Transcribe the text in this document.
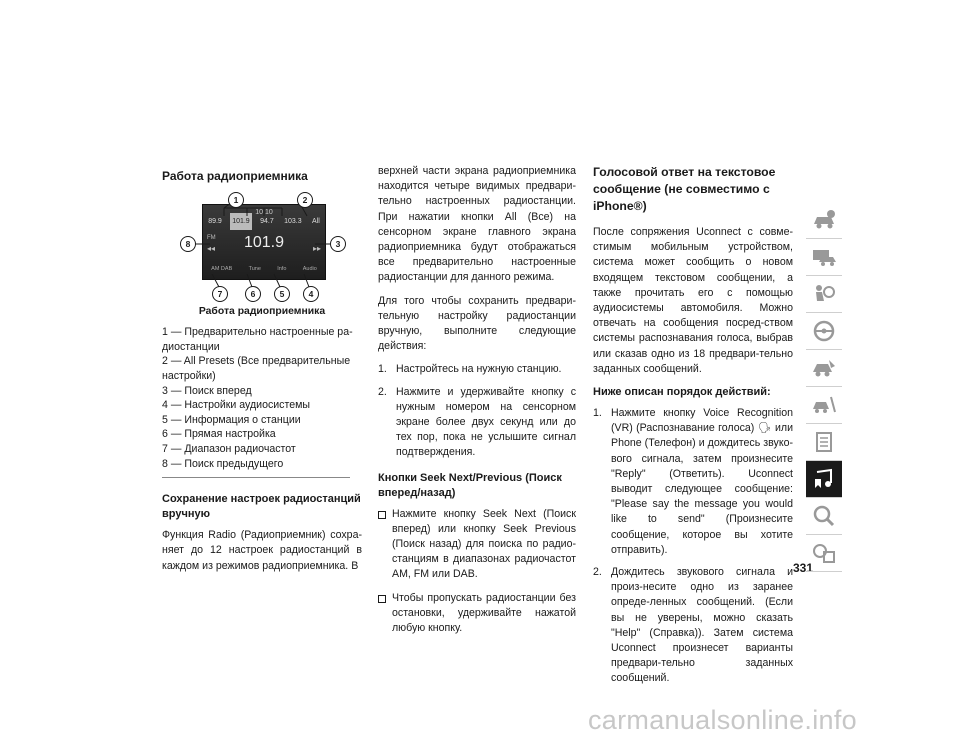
Работа радиоприемника
10 10
89.9 101.9 94.7 103.3 All
FM
◂◂	101.9	▸▸
AM DAB	Tune	Info	Audio
1	2
3
4
5
6
7
8
Работа радиоприемника
1 — Предварительно настроенные ра-диостанции
2 — All Presets (Все предварительные настройки)
3 — Поиск вперед
4 — Настройки аудиосистемы
5 — Информация о станции
6 — Прямая настройка
7 — Диапазон радиочастот
8 — Поиск предыдущего
Сохранение настроек радиостанций вручную

Функция Radio (Радиоприемник) сохра-няет до 12 настроек радиостанций в каждом из режимов радиоприемника. В

верхней части экрана радиоприемника находится четыре видимых предвари-тельно настроенных радиостанции. При нажатии кнопки All (Все) на сенсорном экране главного экрана радиоприемника будут отображаться все предварительно настроенные радиостанции для данного режима.

Для того чтобы сохранить предвари-тельную настройку радиостанции вручную, выполните следующие действия:

1. Настройтесь на нужную станцию.
2. Нажмите и удерживайте кнопку с нужным номером на сенсорном экране более двух секунд или до тех пор, пока не услышите сигнал подтверждения.
Кнопки Seek Next/Previous (Поиск вперед/назад)
Нажмите кнопку Seek Next (Поиск вперед) или кнопку Seek Previous (Поиск назад) для поиска по радио-станциям в диапазонах радиочастот AM, FM или DAB.
Чтобы пропускать радиостанции без остановки, удерживайте нажатой любую кнопку.
Голосовой ответ на текстовое сообщение (не совместимо с iPhone®)

После сопряжения Uconnect с совме-стимым мобильным устройством, система может сообщить о новом входящем текстовом сообщении, а также прочитать его с помощью аудиосистемы автомобиля. Можно отвечать на сообщения посред-ством системы распознавания голоса, выбрав или сказав одно из 18 предвари-тельно заданных сообщений.

Ниже описан порядок действий:
1. Нажмите кнопку Voice Recognition (VR) (Распознавание голоса) 🗣 или Phone (Телефон) и дождитесь звуко-вого сигнала, затем произнесите "Reply" (Ответить). Uconnect выводит следующее сообщение: "Please say the message you would like to send" (Произнесите сообщение, которое вы хотите отправить).
2. Дождитесь звукового сигнала и произ-несите одно из заранее опреде-ленных сообщений. (Если вы не уверены, можно сказать "Help" (Справка)). Затем система Uconnect произнесет варианты предвари-тельно заданных сообщений.
331
carmanualsonline.info
